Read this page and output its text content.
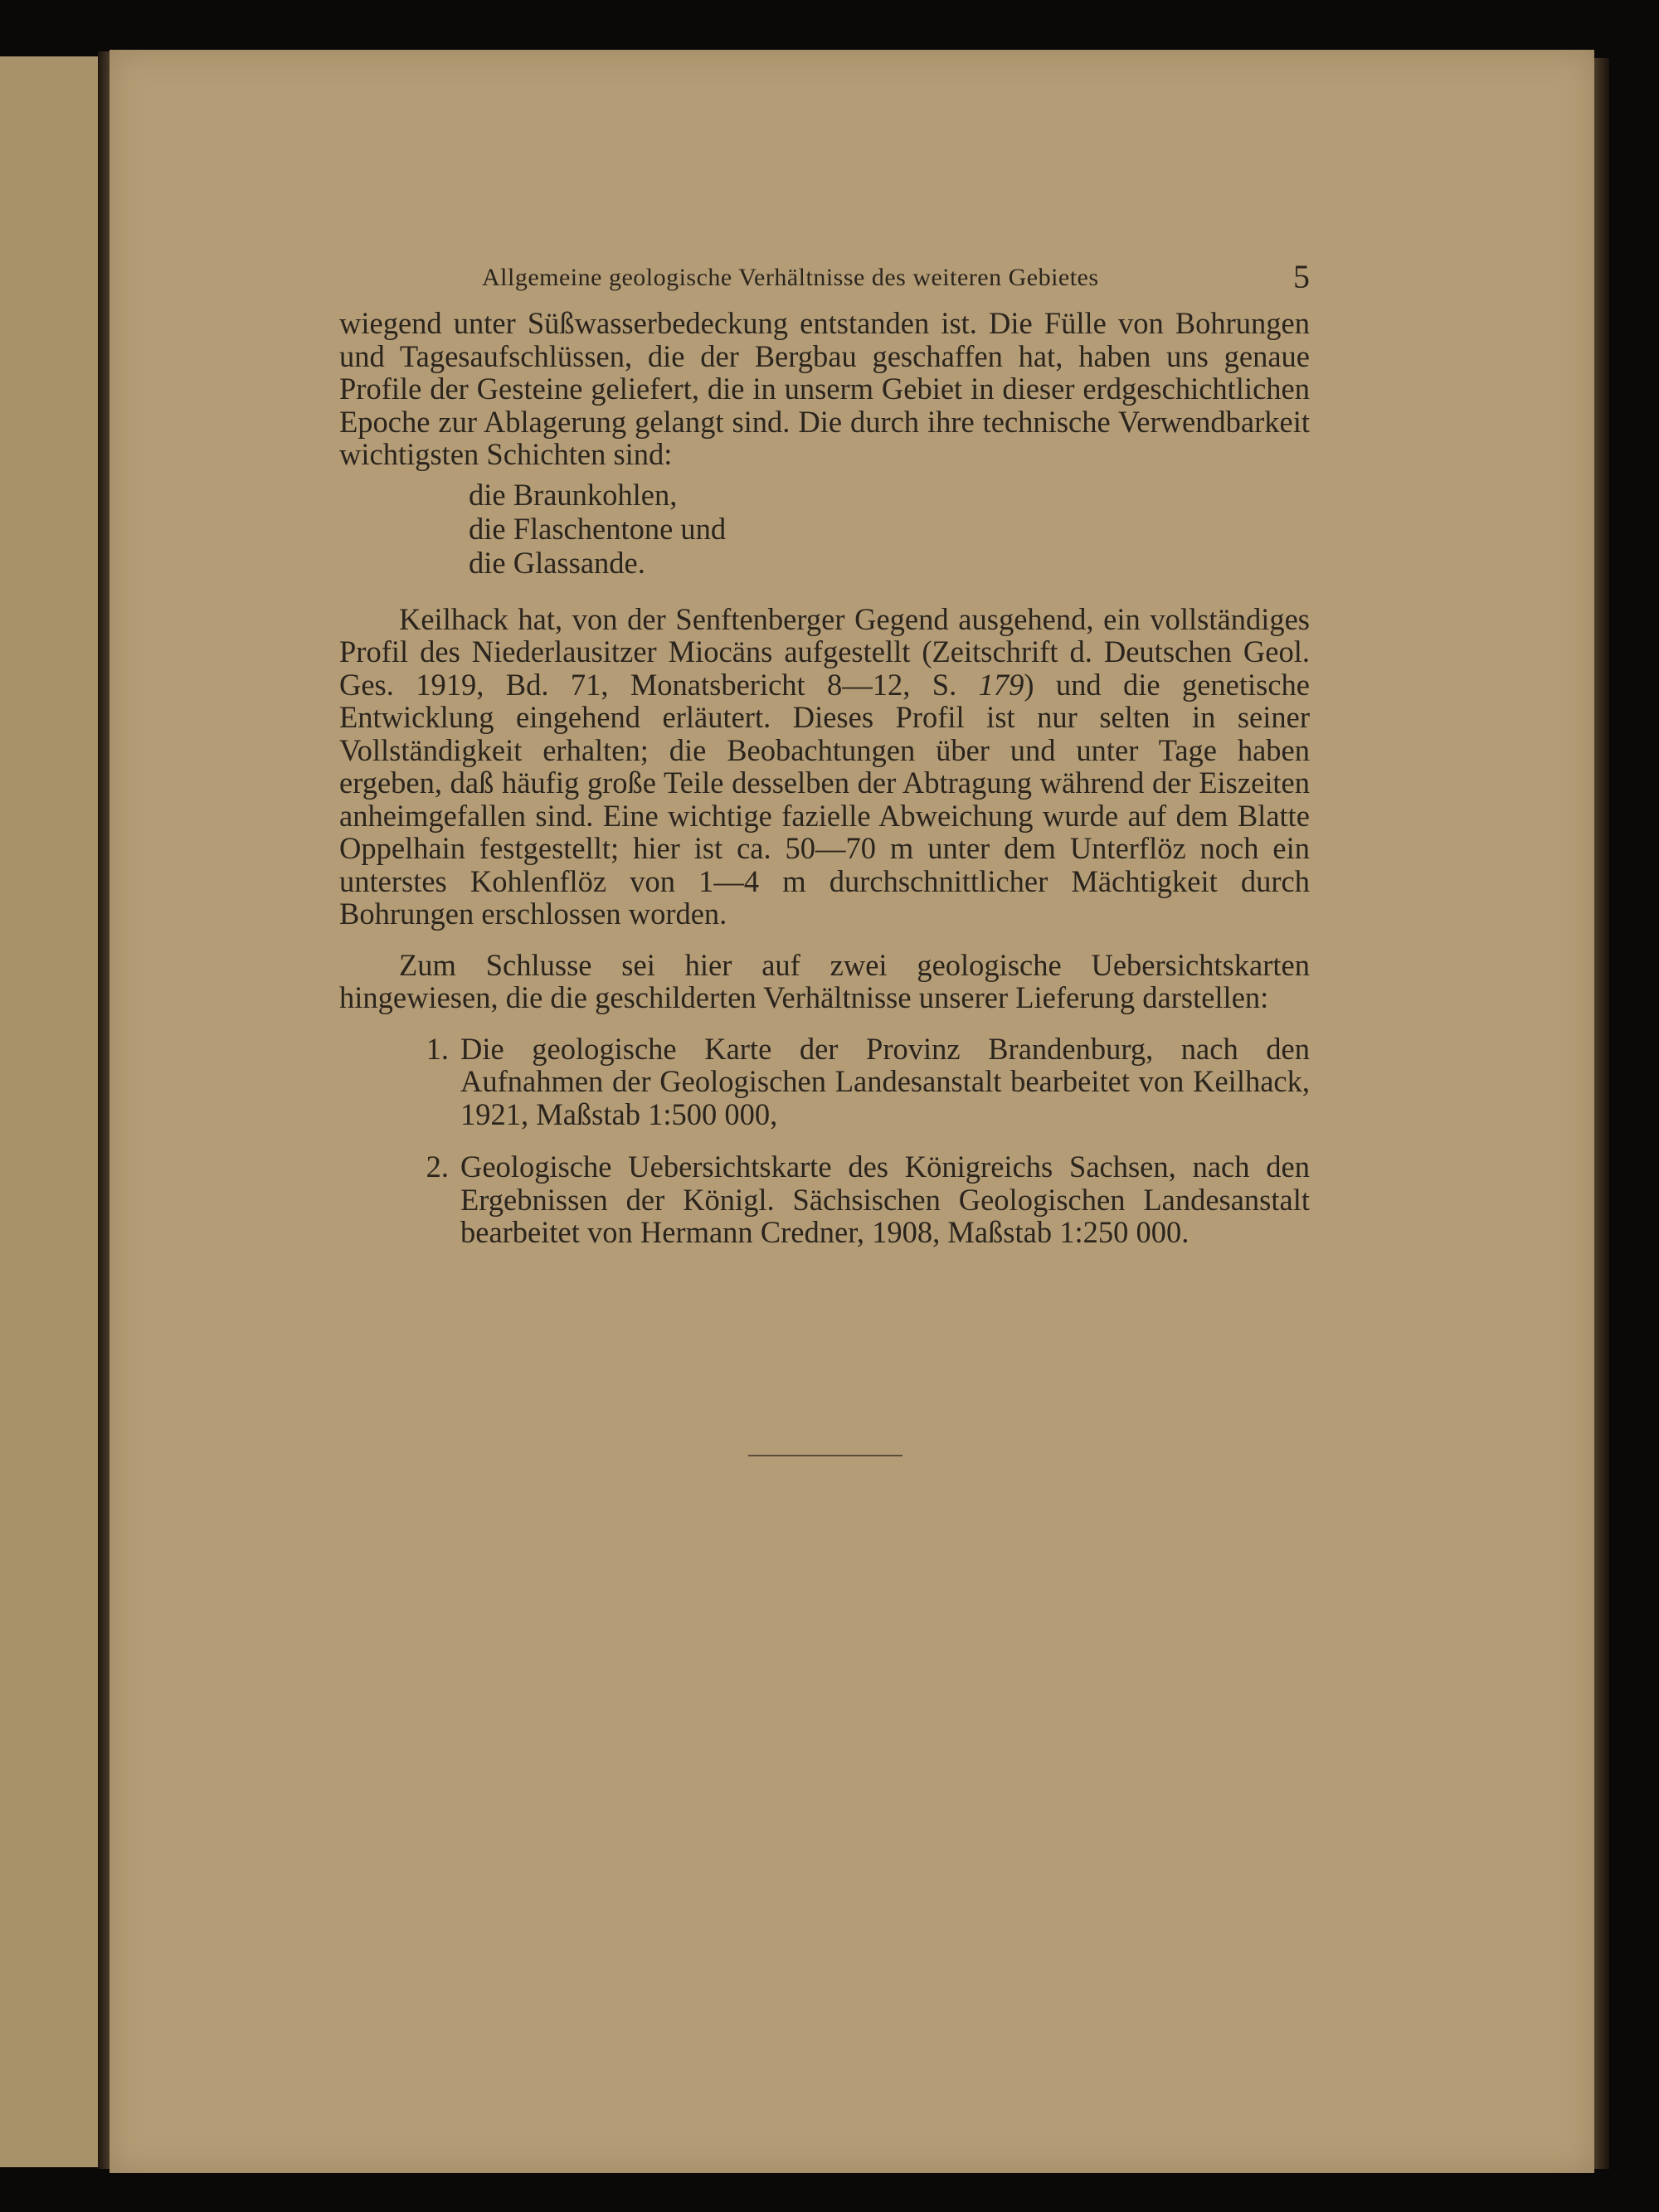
Allgemeine geologische Verhältnisse des weiteren Gebietes	5

wiegend unter Süßwasserbedeckung entstanden ist. Die Fülle von Bohrungen und Tagesaufschlüssen, die der Bergbau geschaffen hat, haben uns genaue Profile der Gesteine geliefert, die in unserm Gebiet in dieser erdgeschichtlichen Epoche zur Ablagerung gelangt sind. Die durch ihre technische Verwendbarkeit wichtigsten Schichten sind:

die Braunkohlen,
die Flaschentone und
die Glassande.

Keilhack hat, von der Senftenberger Gegend ausgehend, ein vollständiges Profil des Niederlausitzer Miocäns aufgestellt (Zeitschrift d. Deutschen Geol. Ges. 1919, Bd. 71, Monatsbericht 8—12, S. 179) und die genetische Entwicklung eingehend erläutert. Dieses Profil ist nur selten in seiner Vollständigkeit erhalten; die Beobachtungen über und unter Tage haben ergeben, daß häufig große Teile desselben der Abtragung während der Eiszeiten anheimgefallen sind. Eine wichtige fazielle Abweichung wurde auf dem Blatte Oppelhain festgestellt; hier ist ca. 50—70 m unter dem Unterflöz noch ein unterstes Kohlenflöz von 1—4 m durchschnittlicher Mächtigkeit durch Bohrungen erschlossen worden.

Zum Schlusse sei hier auf zwei geologische Uebersichtskarten hingewiesen, die die geschilderten Verhältnisse unserer Lieferung darstellen:

1. Die geologische Karte der Provinz Brandenburg, nach den Aufnahmen der Geologischen Landesanstalt bearbeitet von Keilhack, 1921, Maßstab 1:500 000,
2. Geologische Uebersichtskarte des Königreichs Sachsen, nach den Ergebnissen der Königl. Sächsischen Geologischen Landesanstalt bearbeitet von Hermann Credner, 1908, Maßstab 1:250 000.
